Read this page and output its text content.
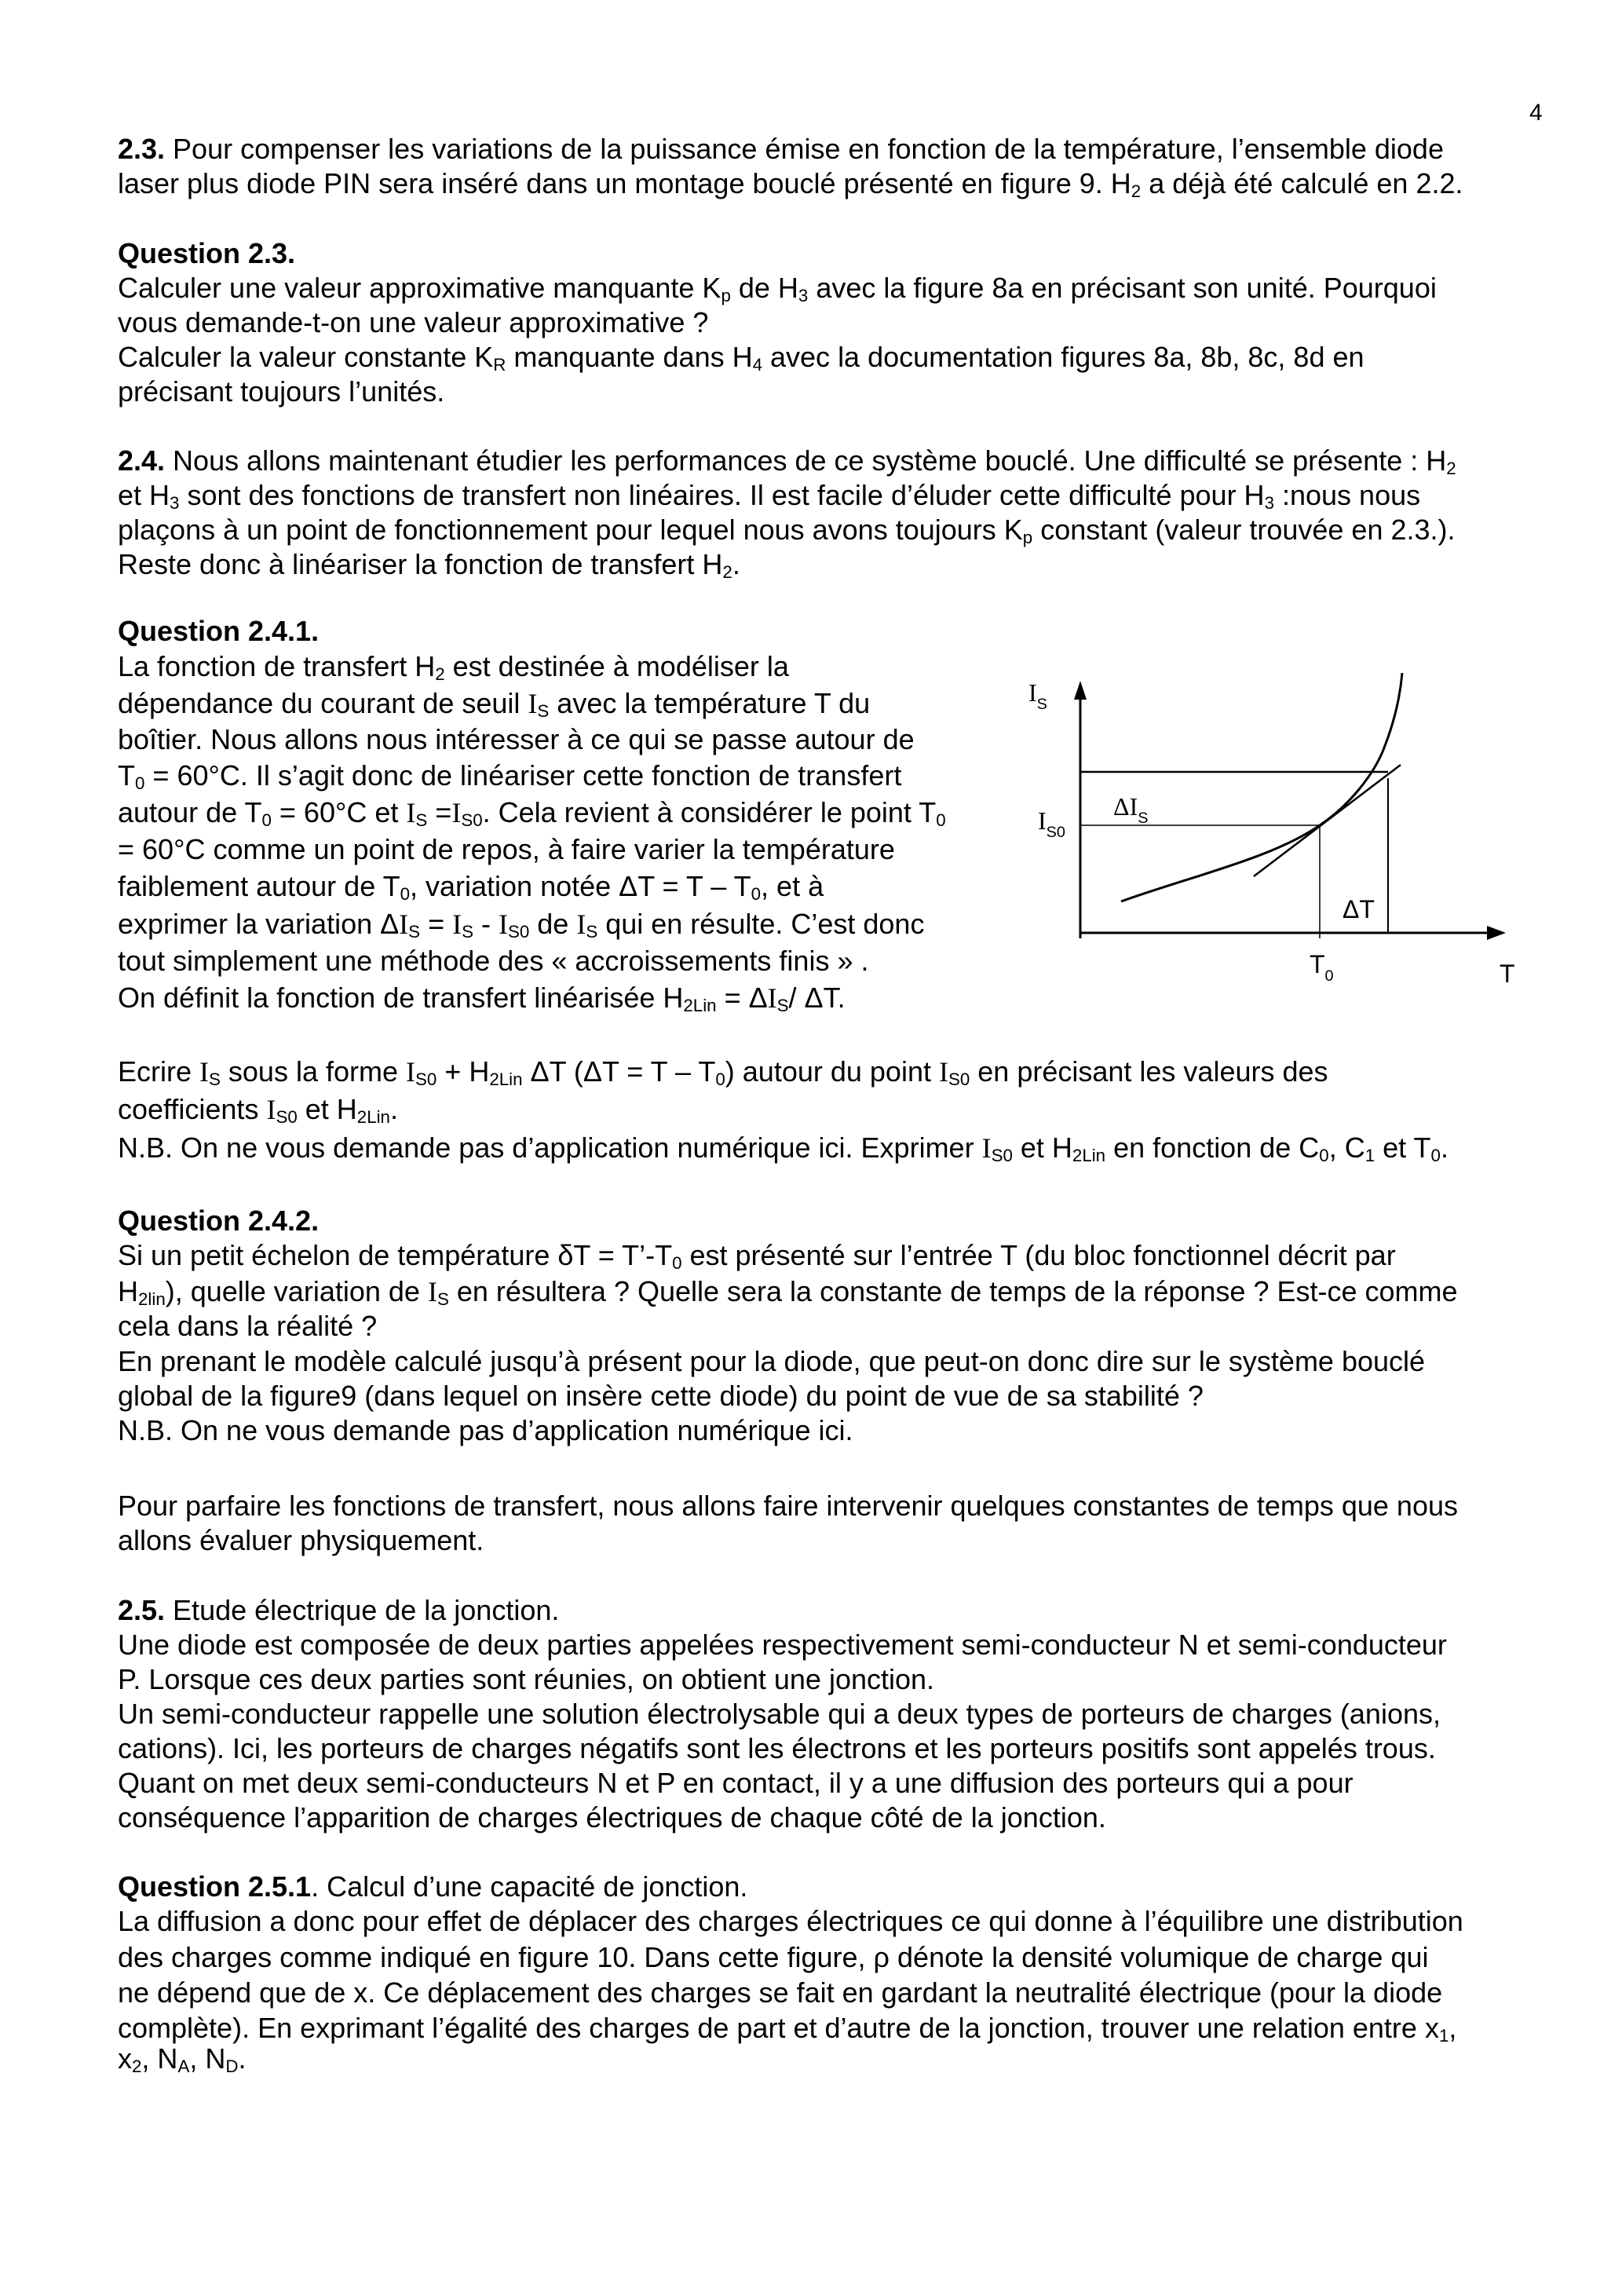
4
2.3. Pour compenser les variations de la puissance émise en fonction de la température, l’ensemble diode
laser plus diode PIN sera inséré dans un montage bouclé présenté en figure 9. $H_2$ a déjà été calculé en 2.2.
Question 2.3.
Calculer une valeur approximative manquante $K_p$ de $H_3$ avec la figure 8a en précisant son unité. Pourquoi
vous demande-t-on une valeur approximative ?
Calculer la valeur constante $K_R$ manquante dans $H_4$ avec la documentation figures 8a, 8b, 8c, 8d en
précisant toujours l’unités.
2.4. Nous allons maintenant étudier les performances de ce système bouclé. Une difficulté se présente : $H_2$
et $H_3$ sont des fonctions de transfert non linéaires. Il est facile d’éluder cette difficulté pour $H_3$ :nous nous
plaçons à un point de fonctionnement pour lequel nous avons toujours $K_p$ constant (valeur trouvée en 2.3.).
Reste donc à linéariser la fonction de transfert $H_2$.
Question 2.4.1.
La fonction de transfert $H_2$ est destinée à modéliser la
dépendance du courant de seuil $I_S$ avec la température T du
boîtier. Nous allons nous intéresser à ce qui se passe autour de
$T_0 = 60^\circ C$. Il s’agit donc de linéariser cette fonction de transfert
autour de $T_0 = 60^\circ C$ et $I_S =I_{S0}$. Cela revient à considérer le point $T_0$
= 60°C comme un point de repos, à faire varier la température
faiblement autour de $T_0$, variation notée $\Delta T = T - T_0$, et à
exprimer la variation $\Delta I_S = I_S - I_{S0}$ de $I_S$ qui en résulte. C’est donc
tout simplement une méthode des « accroissements finis » .
On définit la fonction de transfert linéarisée $H_{2Lin} = \Delta I_S/$ ΔT.
$I_S$
$I_{S0}$
$\Delta I_S$
ΔT
$T_0$	T
Ecrire $I_S$ sous la forme $I_{S0} + H_{2Lin}$ ΔT $(\Delta T = T - T_0)$ autour du point $I_{S0}$ en précisant les valeurs des
coefficients $I_{S0}$ et $H_{2Lin}$.
N.B. On ne vous demande pas d’application numérique ici. Exprimer $I_{S0}$ et $H_{2Lin}$ en fonction de $C_0$, $C_1$ et $T_0$.
Question 2.4.2.
Si un petit échelon de température $\delta T = T’-T_0$ est présenté sur l’entrée T (du bloc fonctionnel décrit par
$H_{2lin}$), quelle variation de $I_S$ en résultera ? Quelle sera la constante de temps de la réponse ? Est-ce comme
cela dans la réalité ?
En prenant le modèle calculé jusqu’à présent pour la diode, que peut-on donc dire sur le système bouclé
global de la figure9 (dans lequel on insère cette diode) du point de vue de sa stabilité ?
N.B. On ne vous demande pas d’application numérique ici.
Pour parfaire les fonctions de transfert, nous allons faire intervenir quelques constantes de temps que nous
allons évaluer physiquement.
2.5. Etude électrique de la jonction.
Une diode est composée de deux parties appelées respectivement semi-conducteur N et semi-conducteur
P. Lorsque ces deux parties sont réunies, on obtient une jonction.
Un semi-conducteur rappelle une solution électrolysable qui a deux types de porteurs de charges (anions,
cations). Ici, les porteurs de charges négatifs sont les électrons et les porteurs positifs sont appelés trous.
Quant on met deux semi-conducteurs N et P en contact, il y a une diffusion des porteurs qui a pour
conséquence l’apparition de charges électriques de chaque côté de la jonction.
Question 2.5.1. Calcul d’une capacité de jonction.
La diffusion a donc pour effet de déplacer des charges électriques ce qui donne à l’équilibre une distribution
des charges comme indiqué en figure 10. Dans cette figure, ρ dénote la densité volumique de charge qui
ne dépend que de x. Ce déplacement des charges se fait en gardant la neutralité électrique (pour la diode
complète). En exprimant l’égalité des charges de part et d’autre de la jonction, trouver une relation entre $x_1$,
$x_2$, $N_A$, $N_D$.
